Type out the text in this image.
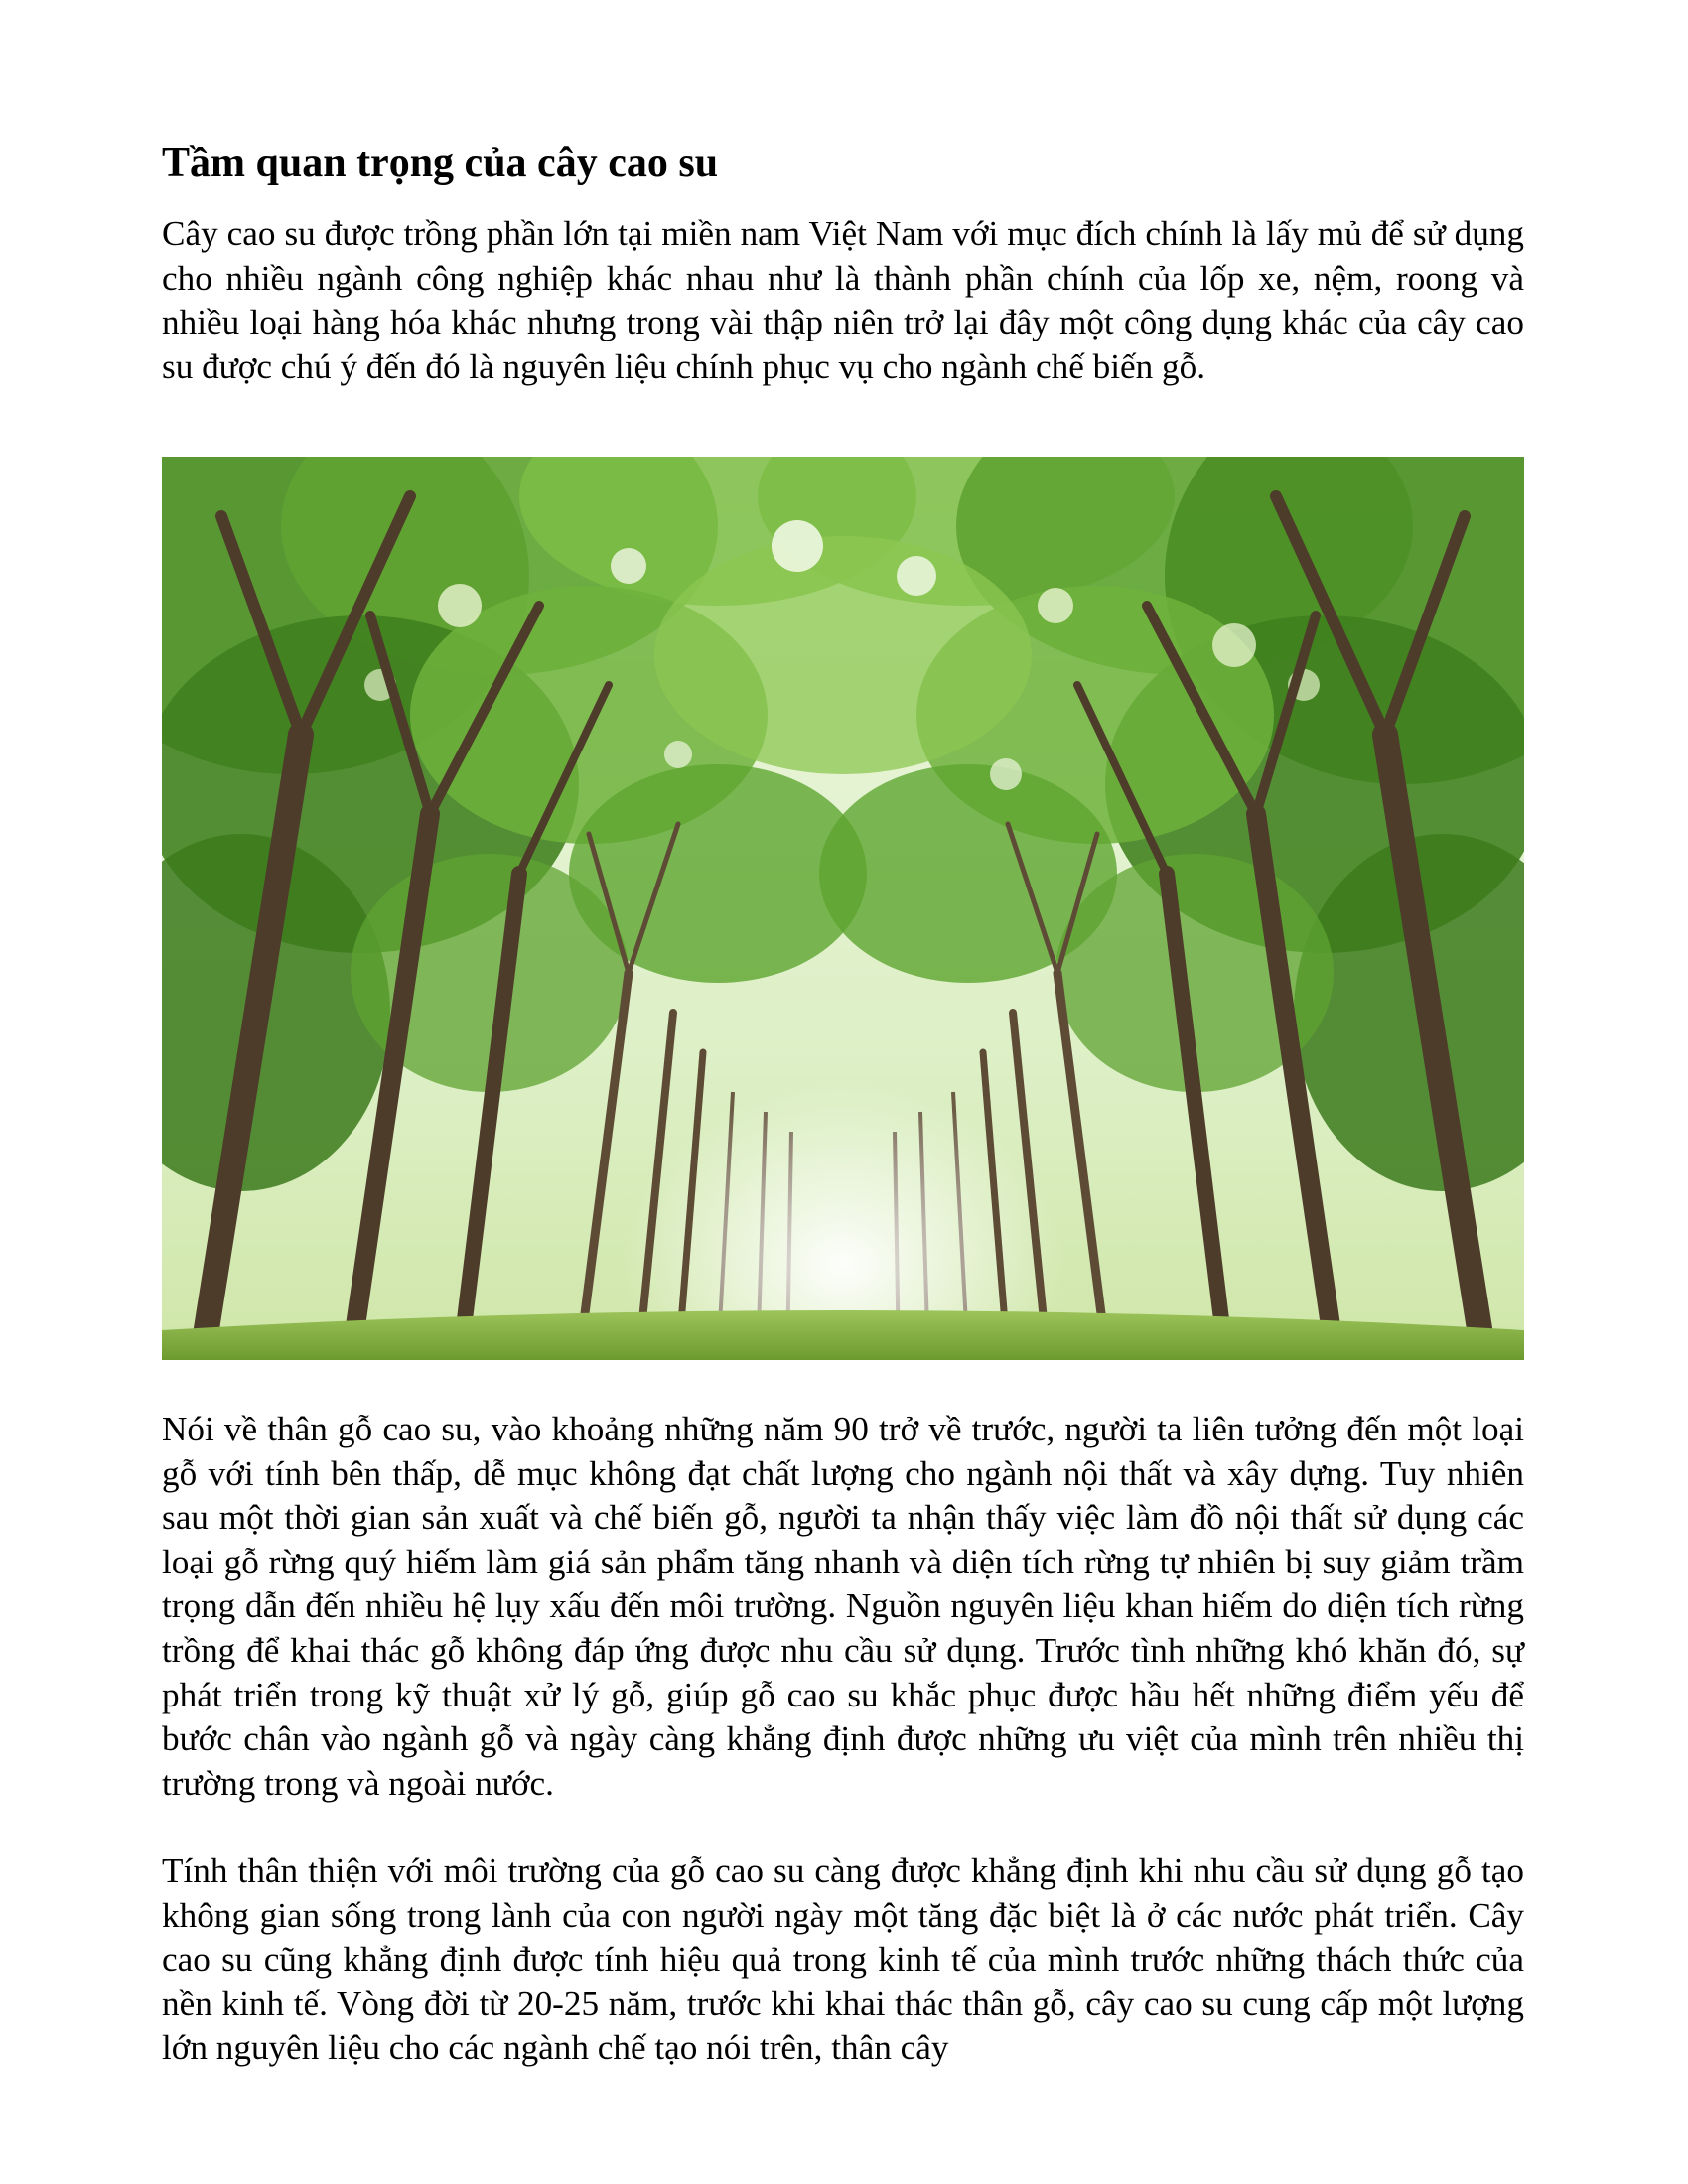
Tầm quan trọng của cây cao su

Cây cao su được trồng phần lớn tại miền nam Việt Nam với mục đích chính là lấy mủ để sử dụng cho nhiều ngành công nghiệp khác nhau như là thành phần chính của lốp xe, nệm, roong và nhiều loại hàng hóa khác nhưng trong vài thập niên trở lại đây một công dụng khác của cây cao su được chú ý đến đó là nguyên liệu chính phục vụ cho ngành chế biến gỗ.

Nói về thân gỗ cao su, vào khoảng những năm 90 trở về trước, người ta liên tưởng đến một loại gỗ với tính bên thấp, dễ mục không đạt chất lượng cho ngành nội thất và xây dựng. Tuy nhiên sau một thời gian sản xuất và chế biến gỗ, người ta nhận thấy việc làm đồ nội thất sử dụng các loại gỗ rừng quý hiếm làm giá sản phẩm tăng nhanh và diện tích rừng tự nhiên bị suy giảm trầm trọng dẫn đến nhiều hệ lụy xấu đến môi trường. Nguồn nguyên liệu khan hiếm do diện tích rừng trồng để khai thác gỗ không đáp ứng được nhu cầu sử dụng. Trước tình những khó khăn đó, sự phát triển trong kỹ thuật xử lý gỗ, giúp gỗ cao su khắc phục được hầu hết những điểm yếu để bước chân vào ngành gỗ và ngày càng khẳng định được những ưu việt của mình trên nhiều thị trường trong và ngoài nước.

Tính thân thiện với môi trường của gỗ cao su càng được khẳng định khi nhu cầu sử dụng gỗ tạo không gian sống trong lành của con người ngày một tăng đặc biệt là ở các nước phát triển. Cây cao su cũng khẳng định được tính hiệu quả trong kinh tế của mình trước những thách thức của nền kinh tế. Vòng đời từ 20-25 năm, trước khi khai thác thân gỗ, cây cao su cung cấp một lượng lớn nguyên liệu cho các ngành chế tạo nói trên, thân cây
